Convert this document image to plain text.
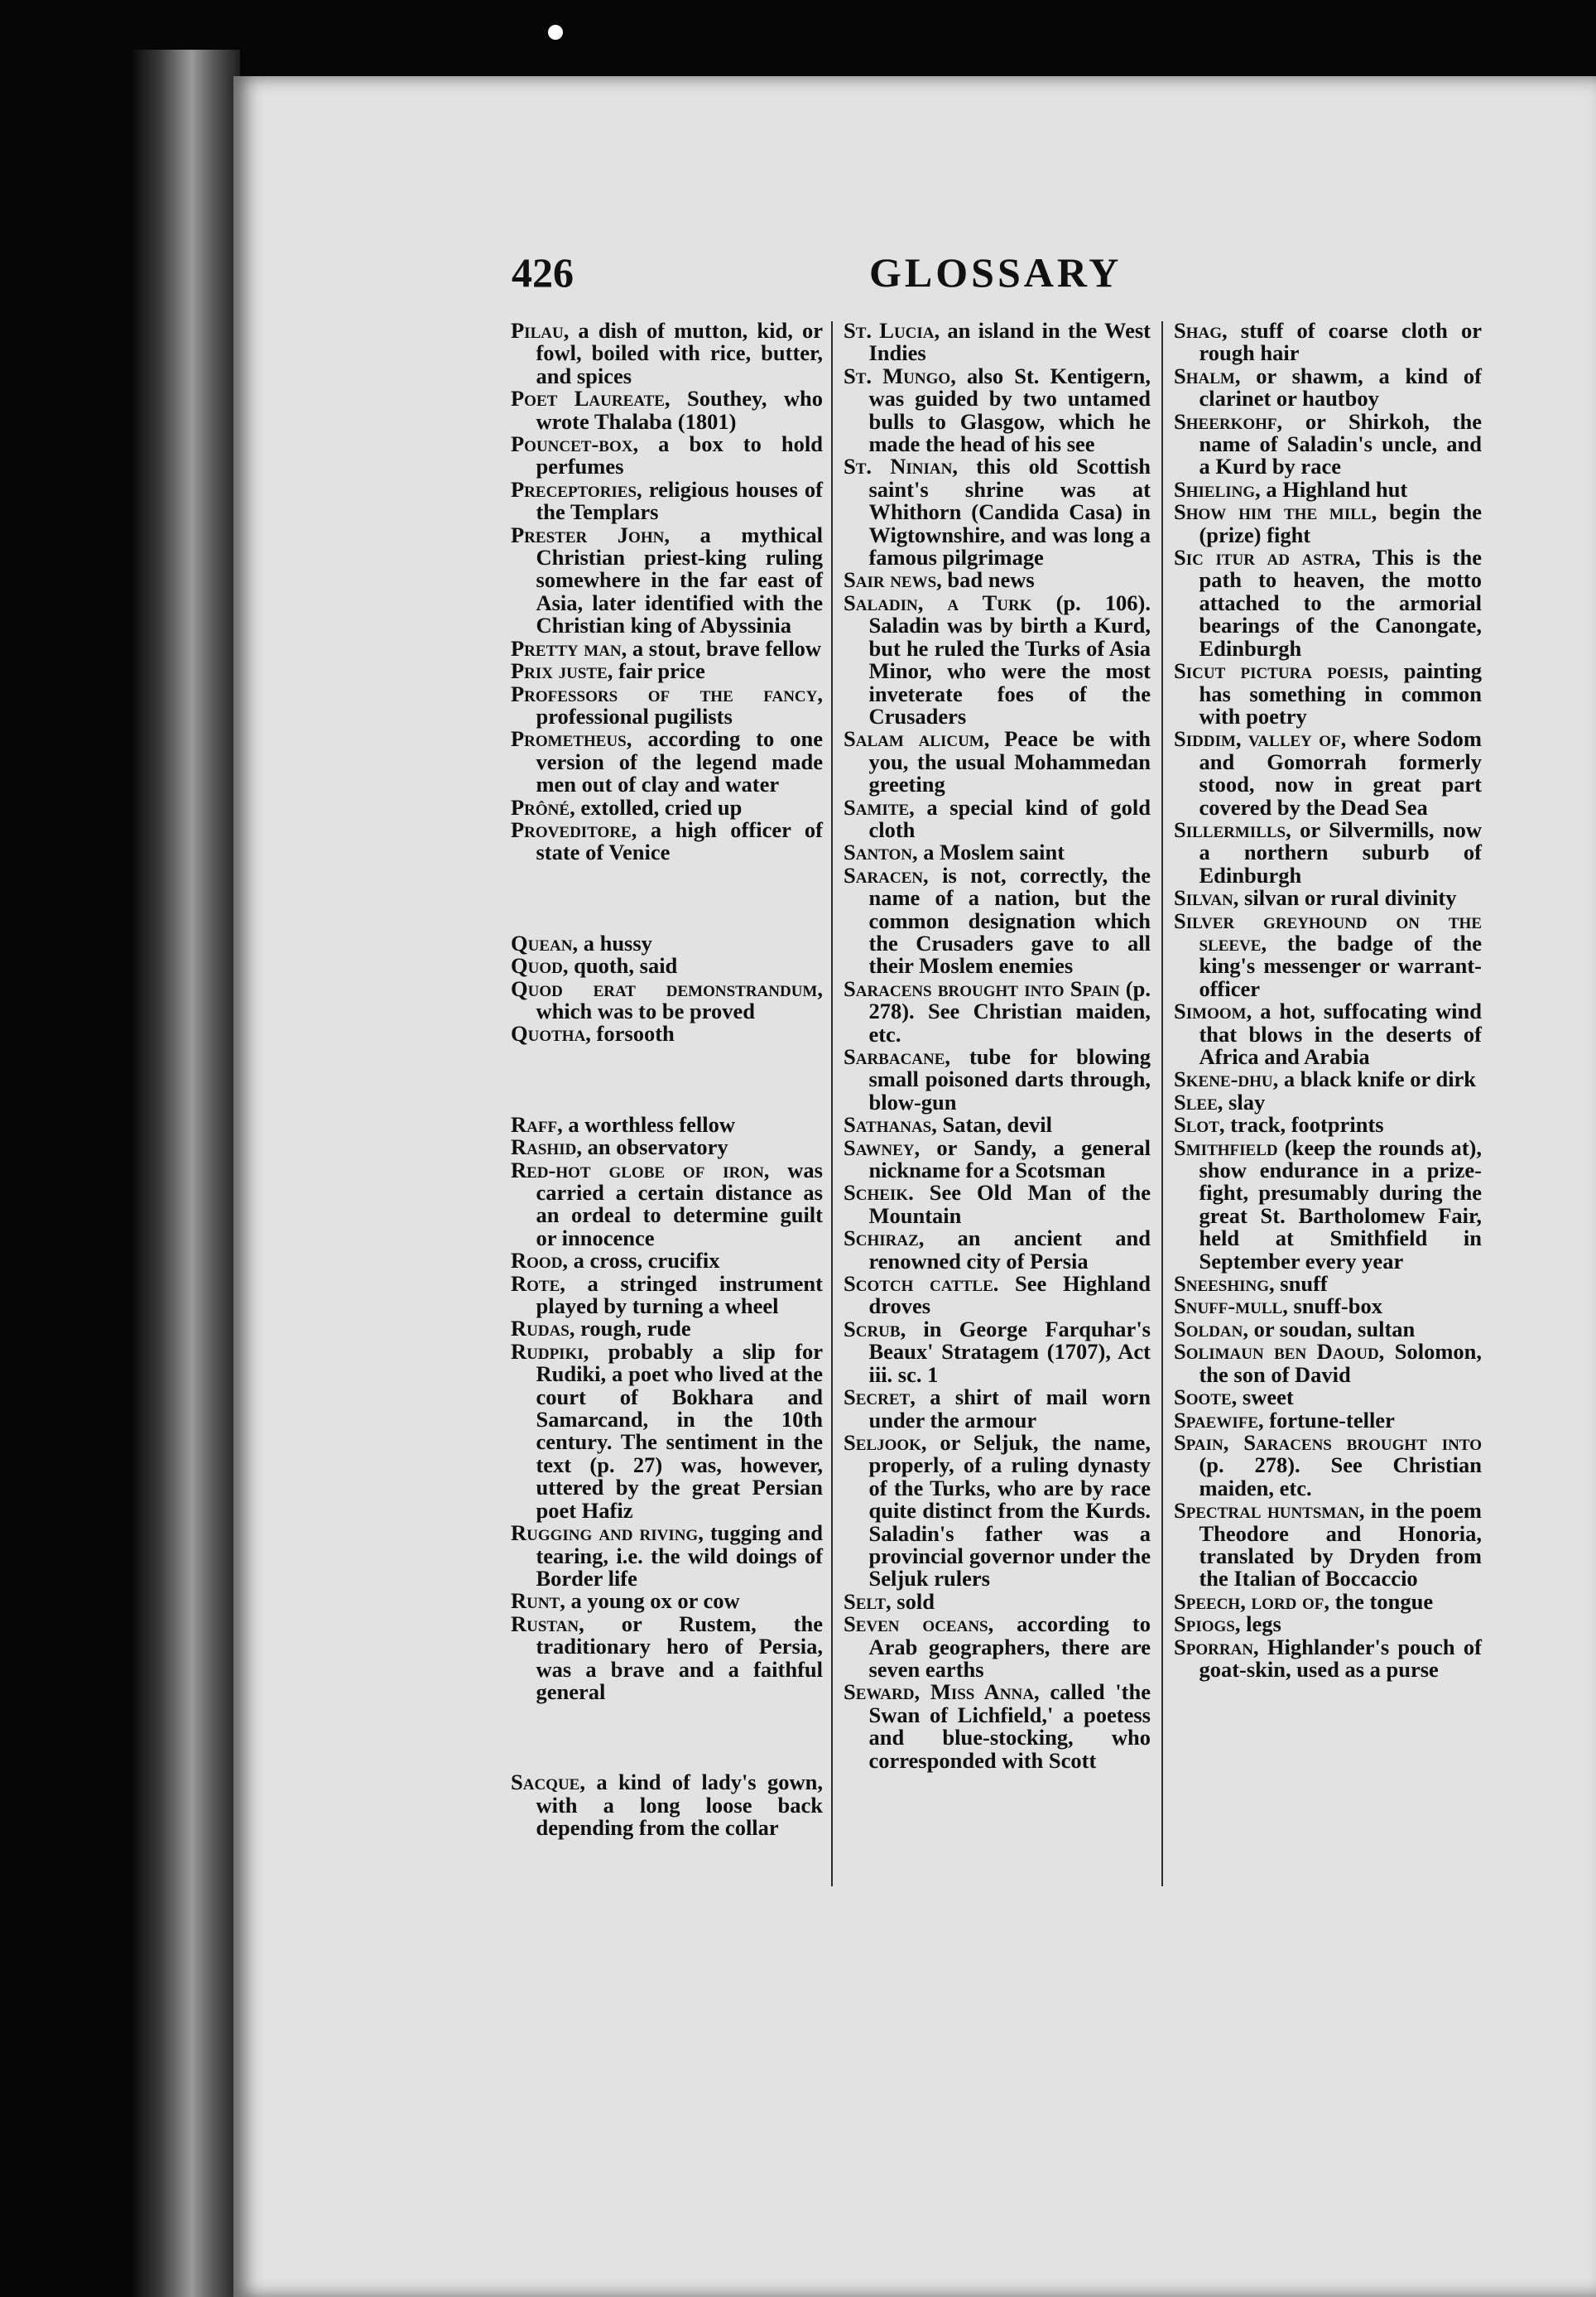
426	GLOSSARY

Pilau, a dish of mutton, kid, or fowl, boiled with rice, butter, and spices

Poet Laureate, Southey, who wrote Thalaba (1801)

Pouncet-box, a box to hold perfumes

Preceptories, religious houses of the Templars

Prester John, a mythical Christian priest-king ruling somewhere in the far east of Asia, later identified with the Christian king of Abyssinia

Pretty man, a stout, brave fellow

Prix juste, fair price

Professors of the fancy, professional pugilists

Prometheus, according to one version of the legend made men out of clay and water

Prôné, extolled, cried up

Proveditore, a high officer of state of Venice

Quean, a hussy

Quod, quoth, said

Quod erat demonstrandum, which was to be proved

Quotha, forsooth

Raff, a worthless fellow

Rashid, an observatory

Red-hot globe of iron, was carried a certain distance as an ordeal to determine guilt or innocence

Rood, a cross, crucifix

Rote, a stringed instrument played by turning a wheel

Rudas, rough, rude

Rudpiki, probably a slip for Rudiki, a poet who lived at the court of Bokhara and Samarcand, in the 10th century. The sentiment in the text (p. 27) was, however, uttered by the great Persian poet Hafiz

Rugging and riving, tugging and tearing, i.e. the wild doings of Border life

Runt, a young ox or cow

Rustan, or Rustem, the traditionary hero of Persia, was a brave and a faithful general

Sacque, a kind of lady's gown, with a long loose back depending from the collar

St. Lucia, an island in the West Indies

St. Mungo, also St. Kentigern, was guided by two untamed bulls to Glasgow, which he made the head of his see

St. Ninian, this old Scottish saint's shrine was at Whithorn (Candida Casa) in Wigtownshire, and was long a famous pilgrimage

Sair news, bad news

Saladin, a Turk (p. 106). Saladin was by birth a Kurd, but he ruled the Turks of Asia Minor, who were the most inveterate foes of the Crusaders

Salam alicum, Peace be with you, the usual Mohammedan greeting

Samite, a special kind of gold cloth

Santon, a Moslem saint

Saracen, is not, correctly, the name of a nation, but the common designation which the Crusaders gave to all their Moslem enemies

Saracens brought into Spain (p. 278). See Christian maiden, etc.

Sarbacane, tube for blowing small poisoned darts through, blow-gun

Sathanas, Satan, devil

Sawney, or Sandy, a general nickname for a Scotsman

Scheik. See Old Man of the Mountain

Schiraz, an ancient and renowned city of Persia

Scotch cattle. See Highland droves

Scrub, in George Farquhar's Beaux' Stratagem (1707), Act iii. sc. 1

Secret, a shirt of mail worn under the armour

Seljook, or Seljuk, the name, properly, of a ruling dynasty of the Turks, who are by race quite distinct from the Kurds. Saladin's father was a provincial governor under the Seljuk rulers

Selt, sold

Seven oceans, according to Arab geographers, there are seven earths

Seward, Miss Anna, called 'the Swan of Lichfield,' a poetess and blue-stocking, who corresponded with Scott

Shag, stuff of coarse cloth or rough hair

Shalm, or shawm, a kind of clarinet or hautboy

Sheerkohf, or Shirkoh, the name of Saladin's uncle, and a Kurd by race

Shieling, a Highland hut

Show him the mill, begin the (prize) fight

Sic itur ad astra, This is the path to heaven, the motto attached to the armorial bearings of the Canongate, Edinburgh

Sicut pictura poesis, painting has something in common with poetry

Siddim, valley of, where Sodom and Gomorrah formerly stood, now in great part covered by the Dead Sea

Sillermills, or Silvermills, now a northern suburb of Edinburgh

Silvan, silvan or rural divinity

Silver greyhound on the sleeve, the badge of the king's messenger or warrant-officer

Simoom, a hot, suffocating wind that blows in the deserts of Africa and Arabia

Skene-dhu, a black knife or dirk

Slee, slay

Slot, track, footprints

Smithfield (keep the rounds at), show endurance in a prize-fight, presumably during the great St. Bartholomew Fair, held at Smithfield in September every year

Sneeshing, snuff

Snuff-mull, snuff-box

Soldan, or soudan, sultan

Solimaun ben Daoud, Solomon, the son of David

Soote, sweet

Spaewife, fortune-teller

Spain, Saracens brought into (p. 278). See Christian maiden, etc.

Spectral huntsman, in the poem Theodore and Honoria, translated by Dryden from the Italian of Boccaccio

Speech, lord of, the tongue

Spiogs, legs

Sporran, Highlander's pouch of goat-skin, used as a purse
